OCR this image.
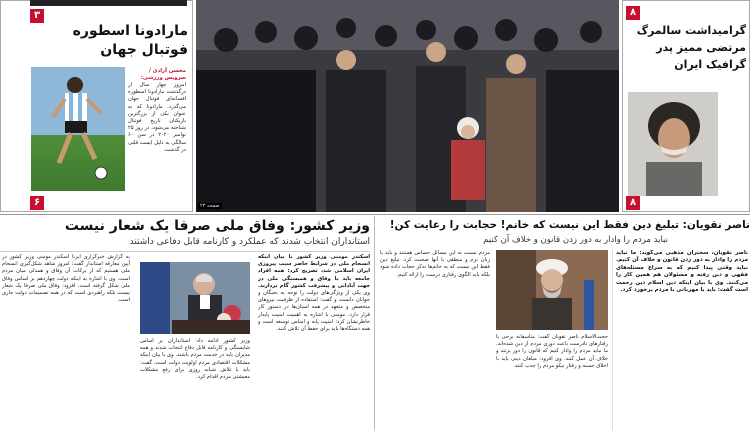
۳
مارادونا اسطوره فوتبال جهان
محسن آزادی / سرویس ورزشی:
امروز چهار سال از درگذشت مارادونا اسطوره افسانه‌ای فوتبال جهان می‌گذرد. مارادونا که به عنوان یکی از بزرگترین بازیکنان تاریخ فوتبال شناخته می‌شود، در روز ۲۵ نوامبر ۲۰۲۰ در سن ۶۰ سالگی به دلیل ایست قلبی در گذشت.
۶	صفحه ۲۳
۸
گرامیداشت سالمرگ مرتضی ممیز پدر گرافیک ایران
۸
وزیر کشور: وفاق ملی صرفا یک شعار نیست
استانداران انتخاب شدند که عملکرد و کارنامه قابل دفاعی داشتند
به گزارش خبرگزاری ایرنا اسکندر مومنی وزیر کشور در آیین معارفه استاندار گفت: امروز شاهد شکل‌گیری انسجام ملی هستیم که از برکات آن وفاق و همدلی میان مردم است. وی با اشاره به اینکه دولت چهاردهم بر اساس وفاق ملی شکل گرفته است، افزود: وفاق ملی صرفا یک شعار نیست بلکه راهبردی است که در همه تصمیمات دولت جاری است.
وزیر کشور ادامه داد: استانداران بر اساس شایستگی و کارنامه قابل دفاع انتخاب شدند و همه مدیران باید در خدمت مردم باشند. وی با بیان اینکه مشکلات اقتصادی مردم اولویت دولت است، گفت: باید با تلاش شبانه روزی برای رفع مشکلات معیشتی مردم اقدام کرد.
اسکندر مومنی وزیر کشور با بیان اینکه انسجام ملی در شرایط حاضر سبب پیروزی ایران اسلامی شد، تصریح کرد: همه افراد جامعه باید با وفاق و همبستگی ملی در جهت آبادانی و پیشرفت کشور گام بردارند. وی یکی از ویژگی‌های دولت را توجه به نخبگان و جوانان دانست و گفت: استفاده از ظرفیت نیروهای متخصص و متعهد در همه استان‌ها در دستور کار قرار دارد. مومنی با اشاره به اهمیت امنیت پایدار خاطرنشان کرد: امنیت پایه و اساس توسعه است و همه دستگاه‌ها باید برای حفظ آن تلاش کنند.
ناصر نقویان: تبلیغ دین فقط این نیست که خانم! حجابت را رعایت کن!
نباید مردم را وادار به دور زدن قانون و خلاف آن کنیم
مردم نسبت به این مسائل حساس هستند و باید با زبان نرم و منطقی با آنها صحبت کرد. تبلیغ دین فقط این نیست که به خانم‌ها تذکر حجاب داده شود بلکه باید الگوی رفتاری درست را ارائه کنیم.
حجت‌الاسلام ناصر نقویان گفت: متاسفانه برخی با رفتارهای نادرست باعث دوری مردم از دین شده‌اند. ما نباید مردم را وادار کنیم که قانون را دور بزنند و خلاف آن عمل کنند. وی افزود: مبلغان دینی باید با اخلاق حسنه و رفتار نیکو مردم را جذب کنند.
ناصر نقویان، سخنران مذهبی می‌گوید: ما نباید مردم را وادار به دور زدن قانون و خلاف آن کنیم. نباید وقتی پیدا کنیم که به سراغ مسئله‌های فقهی و دین رفته و مسئولان هم همین کار را می‌کنند. وی با بیان اینکه دین اسلام دین رحمت است گفت: باید با مهربانی با مردم برخورد کرد.
